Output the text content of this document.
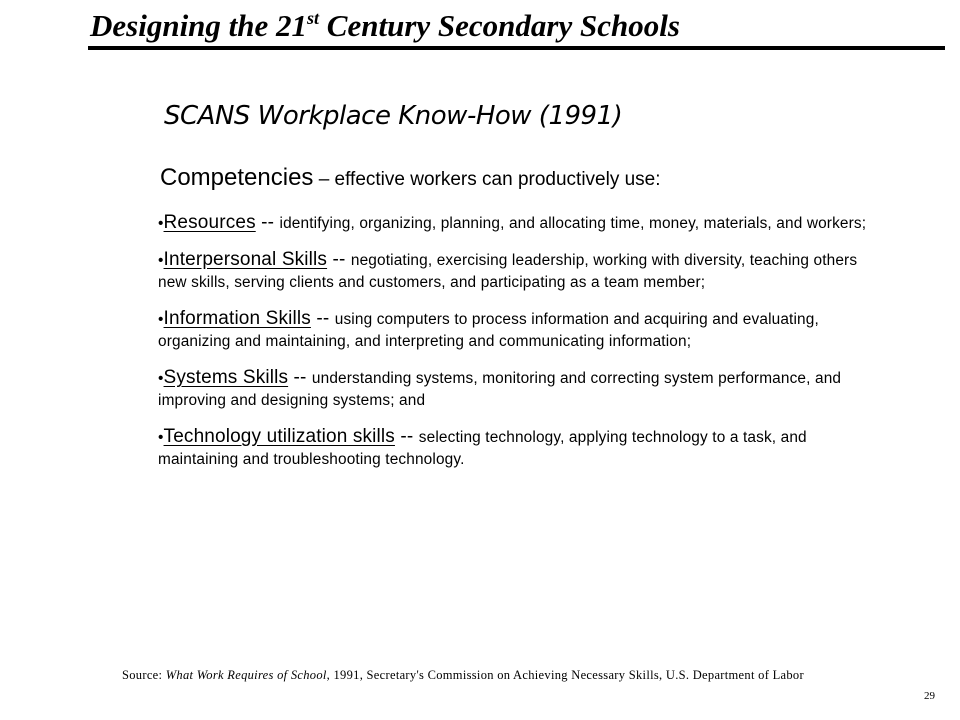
Designing the 21st Century Secondary Schools
SCANS Workplace Know-How (1991)
Competencies – effective workers can productively use:

•Resources -- identifying, organizing, planning, and allocating time, money, materials, and workers;

•Interpersonal Skills -- negotiating, exercising leadership, working with diversity, teaching others new skills, serving clients and customers, and participating as a team member;

•Information Skills -- using computers to process information and acquiring and evaluating, organizing and maintaining, and interpreting and communicating information;

•Systems Skills -- understanding systems, monitoring and correcting system performance, and improving and designing systems; and

•Technology utilization skills -- selecting technology, applying technology to a task, and maintaining and troubleshooting technology.

Source: What Work Requires of School, 1991, Secretary's Commission on Achieving Necessary Skills, U.S. Department of Labor
29
